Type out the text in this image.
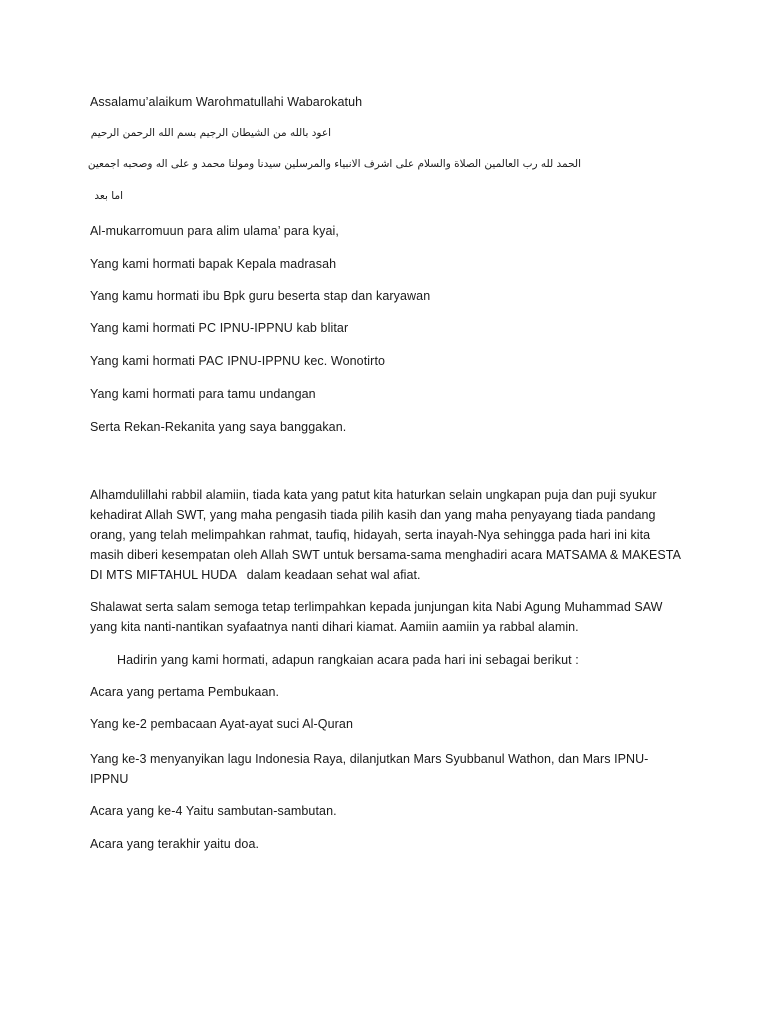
Assalamu’alaikum Warohmatullahi Wabarokatuh
اعود بالله من الشيطان الرجيم بسم الله الرحمن الرحيم
الحمد لله رب العالمين الصلاة والسلام على اشرف الانبياء والمرسلين سيدنا ومولنا محمد و على اله وصحبه اجمعين
اما بعد
Al-mukarromuun para alim ulama’ para kyai,
Yang kami hormati bapak Kepala madrasah
Yang kamu hormati ibu Bpk guru beserta stap dan karyawan
Yang kami hormati PC IPNU-IPPNU kab blitar
Yang kami hormati PAC IPNU-IPPNU kec. Wonotirto
Yang kami hormati para tamu undangan
Serta Rekan-Rekanita yang saya banggakan.
Alhamdulillahi rabbil alamiin, tiada kata yang patut kita haturkan selain ungkapan puja dan puji syukur
kehadirat Allah SWT, yang maha pengasih tiada pilih kasih dan yang maha penyayang tiada pandang
orang, yang telah melimpahkan rahmat, taufiq, hidayah, serta inayah-Nya sehingga pada hari ini kita
masih diberi kesempatan oleh Allah SWT untuk bersama-sama menghadiri acara MATSAMA & MAKESTA
DI MTS MIFTAHUL HUDA   dalam keadaan sehat wal afiat.
Shalawat serta salam semoga tetap terlimpahkan kepada junjungan kita Nabi Agung Muhammad SAW
yang kita nanti-nantikan syafaatnya nanti dihari kiamat. Aamiin aamiin ya rabbal alamin.
Hadirin yang kami hormati, adapun rangkaian acara pada hari ini sebagai berikut :
Acara yang pertama Pembukaan.
Yang ke-2 pembacaan Ayat-ayat suci Al-Quran
Yang ke-3 menyanyikan lagu Indonesia Raya, dilanjutkan Mars Syubbanul Wathon, dan Mars IPNU-
IPPNU
Acara yang ke-4 Yaitu sambutan-sambutan.
Acara yang terakhir yaitu doa.
